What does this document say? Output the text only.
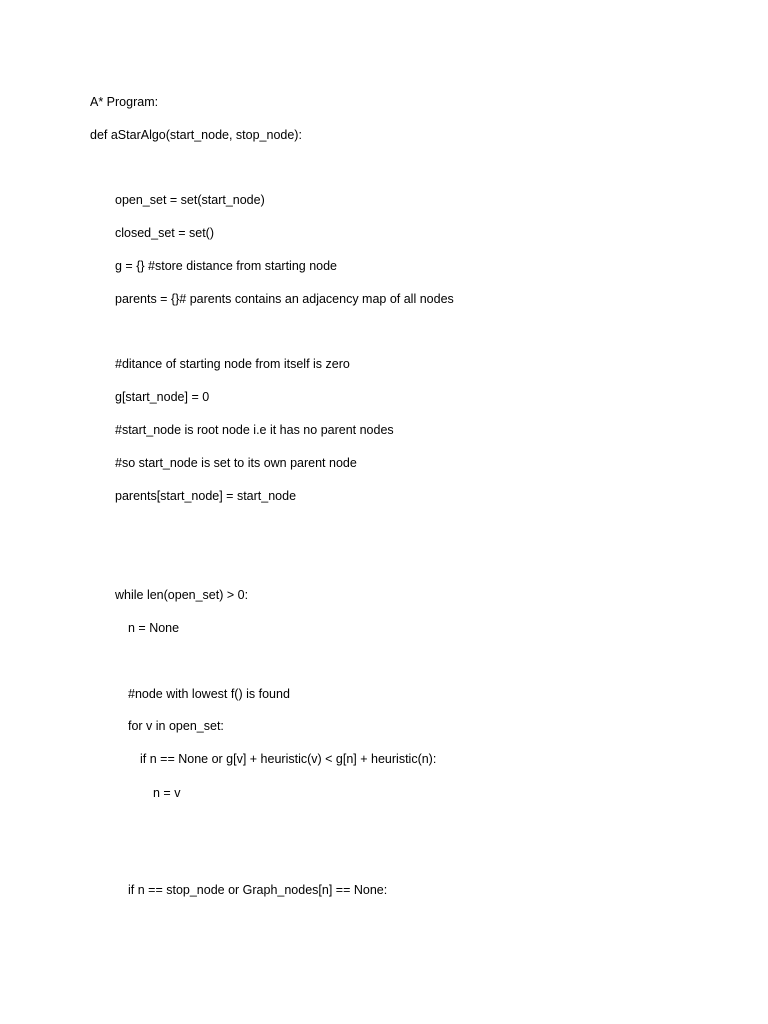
A* Program:
def aStarAlgo(start_node, stop_node):
open_set = set(start_node)
closed_set = set()
g = {} #store distance from starting node
parents = {}# parents contains an adjacency map of all nodes
#ditance of starting node from itself is zero
g[start_node] = 0
#start_node is root node i.e it has no parent nodes
#so start_node is set to its own parent node
parents[start_node] = start_node
while len(open_set) > 0:
n = None
#node with lowest f() is found
for v in open_set:
if n == None or g[v] + heuristic(v) < g[n] + heuristic(n):
n = v
if n == stop_node or Graph_nodes[n] == None:
